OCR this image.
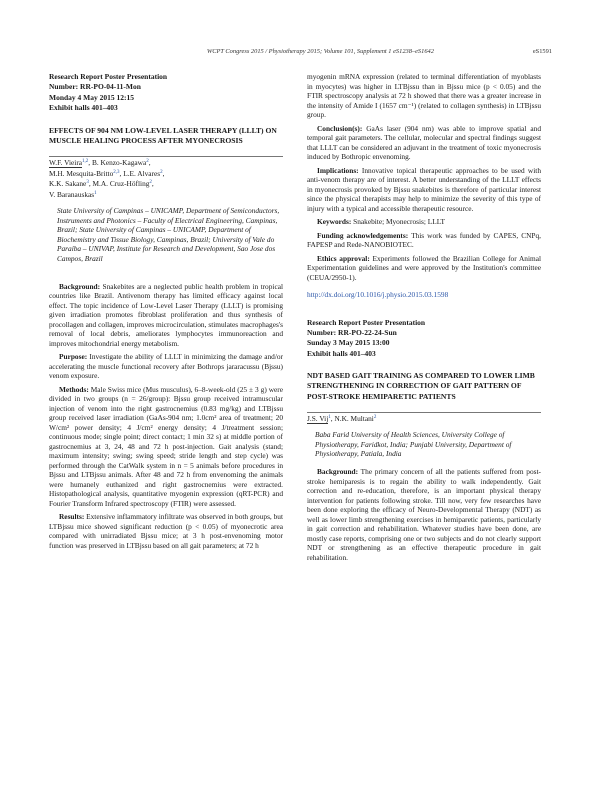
WCPT Congress 2015 / Physiotherapy 2015; Volume 101, Supplement 1 eS1238–eS1642	eS1591
Research Report Poster Presentation
Number: RR-PO-04-11-Mon
Monday 4 May 2015 12:15
Exhibit halls 401–403
EFFECTS OF 904 NM LOW-LEVEL LASER THERAPY (LLLT) ON MUSCLE HEALING PROCESS AFTER MYONECROSIS
W.F. Vieira$^{1,2}$, B. Kenzo-Kagawa$^2$,
M.H. Mesquita-Britto$^{2,3}$, L.E. Alvares$^2$,
K.K. Sakane$^3$, M.A. Cruz-Höfling$^2$,
V. Baranauskas$^1$

State University of Campinas – UNICAMP, Department of Semiconductors, Instruments and Photonics – Faculty of Electrical Engineering, Campinas, Brazil; State University of Campinas – UNICAMP, Department of Biochemistry and Tissue Biology, Campinas, Brazil; University of Vale do Paraíba – UNIVAP, Institute for Research and Development, Sao Jose dos Campos, Brazil

Background: Snakebites are a neglected public health problem in tropical countries like Brazil. Antivenom therapy has limited efficacy against local effect. The topic incidence of Low-Level Laser Therapy (LLLT) is promising given irradiation promotes fibroblast proliferation and thus synthesis of procollagen and collagen, improves microcirculation, stimulates macrophages's removal of local debris, ameliorates lymphocytes immunoreaction and improves mitochondrial energy metabolism.

Purpose: Investigate the ability of LLLT in minimizing the damage and/or accelerating the muscle functional recovery after Bothrops jararacussu (Bjssu) venom exposure.

Methods: Male Swiss mice (Mus musculus), 6–8-week-old (25 ± 3 g) were divided in two groups (n = 26/group): Bjssu group received intramuscular injection of venom into the right gastrocnemius (0.83 mg/kg) and LTBjssu group received laser irradiation (GaAs-904 nm; 1.0cm² area of treatment; 20 W/cm² power density; 4 J/cm² energy density; 4 J/treatment session; continuous mode; single point; direct contact; 1 min 32 s) at middle portion of gastrocnemius at 3, 24, 48 and 72 h post-injection. Gait analysis (stand; maximum intensity; swing; swing speed; stride length and step cycle) was performed through the CatWalk system in n = 5 animals before procedures in Bjssu and LTBjssu animals. After 48 and 72 h from envenoming the animals were humanely euthanized and right gastrocnemius were extracted. Histopathological analysis, quantitative myogenin expression (qRT-PCR) and Fourier Transform Infrared spectroscopy (FTIR) were assessed.

Results: Extensive inflammatory infiltrate was observed in both groups, but LTBjssu mice showed significant reduction (p < 0.05) of myonecrotic area compared with unirradiated Bjssu mice; at 3 h post-envenoming motor function was preserved in LTBjssu based on all gait parameters; at 72 h

myogenin mRNA expression (related to terminal differentiation of myoblasts in myocytes) was higher in LTBjssu than in Bjssu mice (p < 0.05) and the FTIR spectroscopy analysis at 72 h showed that there was a greater increase in the intensity of Amide I (1657 cm⁻¹) (related to collagen synthesis) in LTBjssu group.

Conclusion(s): GaAs laser (904 nm) was able to improve spatial and temporal gait parameters. The cellular, molecular and spectral findings suggest that LLLT can be considered an adjuvant in the treatment of toxic myonecrosis induced by Bothropic envenoming.

Implications: Innovative topical therapeutic approaches to be used with anti-venom therapy are of interest. A better understanding of the LLLT effects in myonecrosis provoked by Bjssu snakebites is therefore of particular interest since the physical therapists may help to minimize the severity of this type of injury with a typical and accessible therapeutic resource.

Keywords: Snakebite; Myonecrosis; LLLT

Funding acknowledgements: This work was funded by CAPES, CNPq, FAPESP and Rede-NANOBIOTEC.

Ethics approval: Experiments followed the Brazilian College for Animal Experimentation guidelines and were approved by the Institution's committee (CEUA/2950-1).

http://dx.doi.org/10.1016/j.physio.2015.03.1598

Research Report Poster Presentation
Number: RR-PO-22-24-Sun
Sunday 3 May 2015 13:00
Exhibit halls 401–403
NDT BASED GAIT TRAINING AS COMPARED TO LOWER LIMB STRENGTHENING IN CORRECTION OF GAIT PATTERN OF POST-STROKE HEMIPARETIC PATIENTS
J.S. Vij$^1$, N.K. Multani$^2$

Baba Farid University of Health Sciences, University College of Physiotherapy, Faridkot, India; Punjabi University, Department of Physiotherapy, Patiala, India

Background: The primary concern of all the patients suffered from post-stroke hemiparesis is to regain the ability to walk independently. Gait correction and re-education, therefore, is an important physical therapy intervention for patients following stroke. Till now, very few researches have been done exploring the efficacy of Neuro-Developmental Therapy (NDT) as well as lower limb strengthening exercises in hemiparetic patients, particularly in gait correction and rehabilitation. Whatever studies have been done, are mostly case reports, comprising one or two subjects and do not clearly support NDT or strengthening as an effective therapeutic procedure in gait rehabilitation.
